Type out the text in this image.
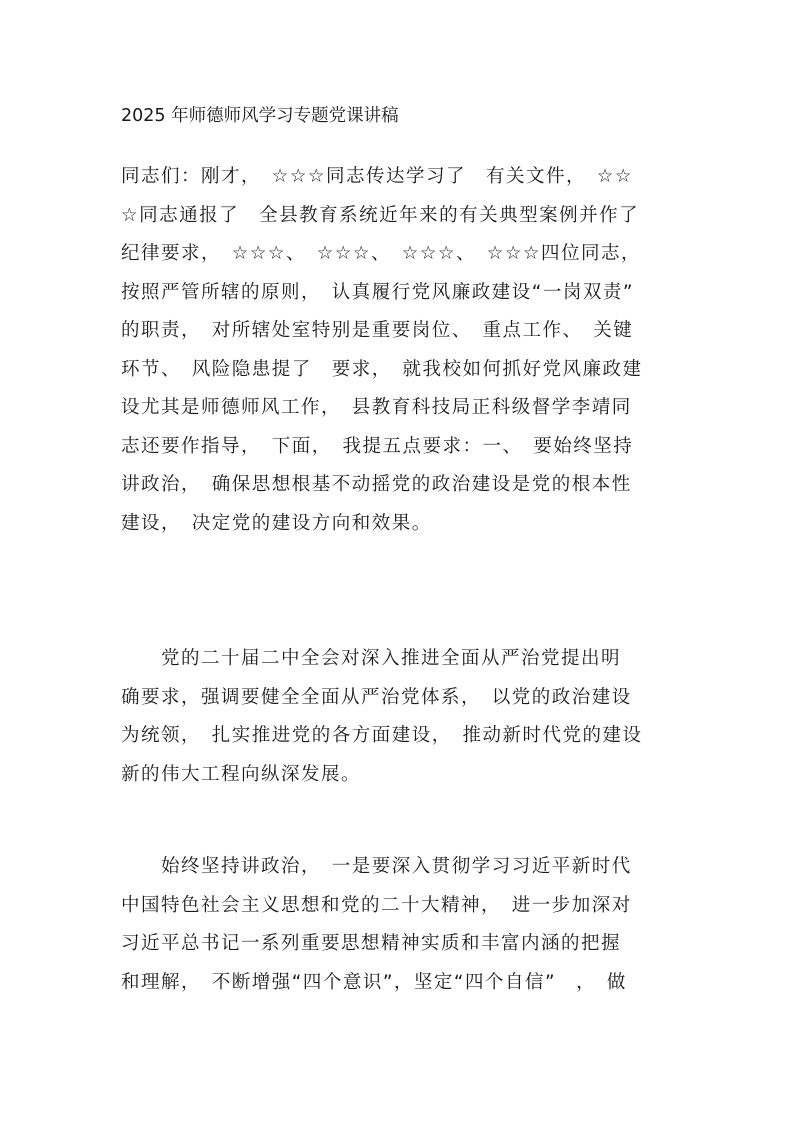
2025 年师德师风学习专题党课讲稿
同志们：刚才，　☆☆☆同志传达学习了　有关文件，　☆☆
☆同志通报了　全县教育系统近年来的有关典型案例并作了
纪律要求，　☆☆☆、　☆☆☆、　☆☆☆、　☆☆☆四位同志，
按照严管所辖的原则，　认真履行党风廉政建设“一岗双责”
的职责，　对所辖处室特别是重要岗位、　重点工作、　关键
环节、　风险隐患提了　要求，　就我校如何抓好党风廉政建
设尤其是师德师风工作，　县教育科技局正科级督学李靖同
志还要作指导，　下面，　我提五点要求：一、　要始终坚持
讲政治，　确保思想根基不动摇党的政治建设是党的根本性
建设，　决定党的建设方向和效果。
　　党的二十届二中全会对深入推进全面从严治党提出明
确要求，强调要健全全面从严治党体系，　以党的政治建设
为统领，　扎实推进党的各方面建设，　推动新时代党的建设
新的伟大工程向纵深发展。
　　始终坚持讲政治，　一是要深入贯彻学习习近平新时代
中国特色社会主义思想和党的二十大精神，　进一步加深对
习近平总书记一系列重要思想精神实质和丰富内涵的把握
和理解，　不断增强“四个意识”，坚定“四个自信”　，　做
